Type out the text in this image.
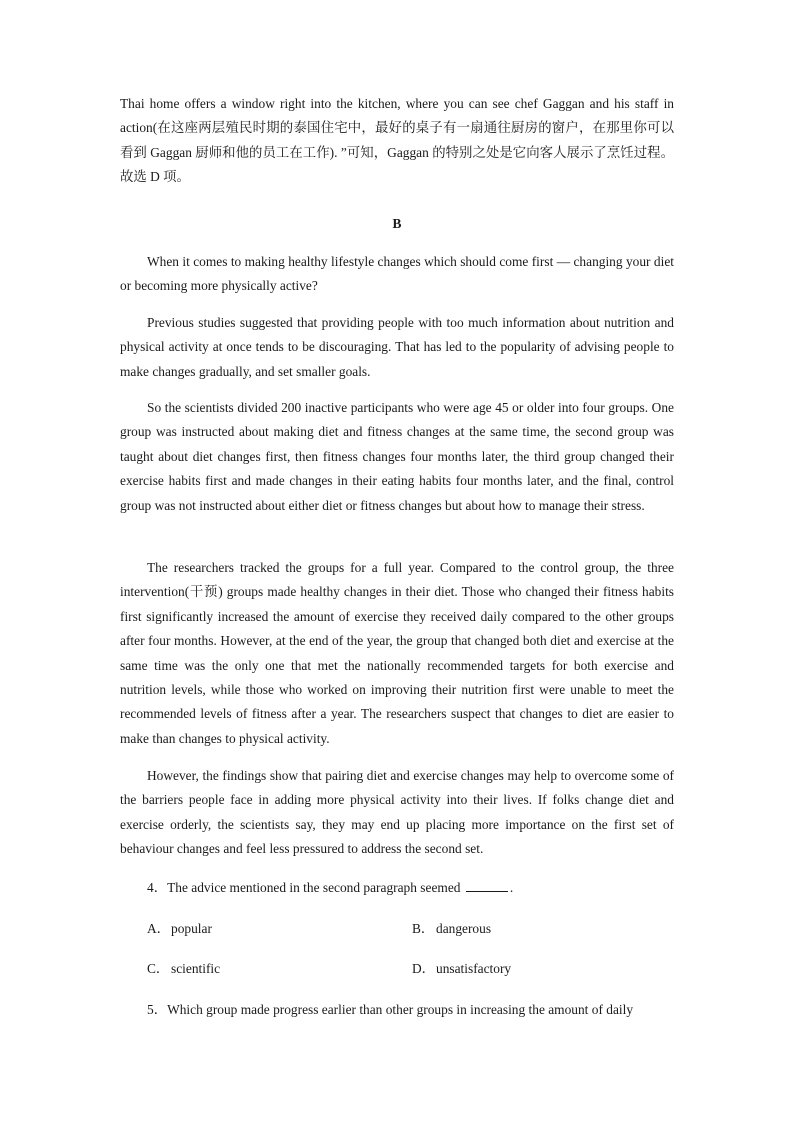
Thai home offers a window right into the kitchen, where you can see chef Gaggan and his staff in action(在这座两层殖民时期的泰国住宅中，最好的桌子有一扇通往厨房的窗户，在那里你可以看到 Gaggan 厨师和他的员工在工作). ”可知，Gaggan 的特别之处是它向客人展示了烹饪过程。故选 D 项。

B

When it comes to making healthy lifestyle changes which should come first — changing your diet or becoming more physically active?

Previous studies suggested that providing people with too much information about nutrition and physical activity at once tends to be discouraging. That has led to the popularity of advising people to make changes gradually, and set smaller goals.

So the scientists divided 200 inactive participants who were age 45 or older into four groups. One group was instructed about making diet and fitness changes at the same time, the second group was taught about diet changes first, then fitness changes four months later, the third group changed their exercise habits first and made changes in their eating habits four months later, and the final, control group was not instructed about either diet or fitness changes but about how to manage their stress.

The researchers tracked the groups for a full year. Compared to the control group, the three intervention(干预) groups made healthy changes in their diet. Those who changed their fitness habits first significantly increased the amount of exercise they received daily compared to the other groups after four months. However, at the end of the year, the group that changed both diet and exercise at the same time was the only one that met the nationally recommended targets for both exercise and nutrition levels, while those who worked on improving their nutrition first were unable to meet the recommended levels of fitness after a year. The researchers suspect that changes to diet are easier to make than changes to physical activity.

However, the findings show that pairing diet and exercise changes may help to overcome some of the barriers people face in adding more physical activity into their lives. If folks change diet and exercise orderly, the scientists say, they may end up placing more importance on the first set of behaviour changes and feel less pressured to address the second set.

4．The advice mentioned in the second paragraph seemed	.

A．popular	B． dangerous

C． scientific	D．unsatisfactory

5．Which group made progress earlier than other groups in increasing the amount of daily
